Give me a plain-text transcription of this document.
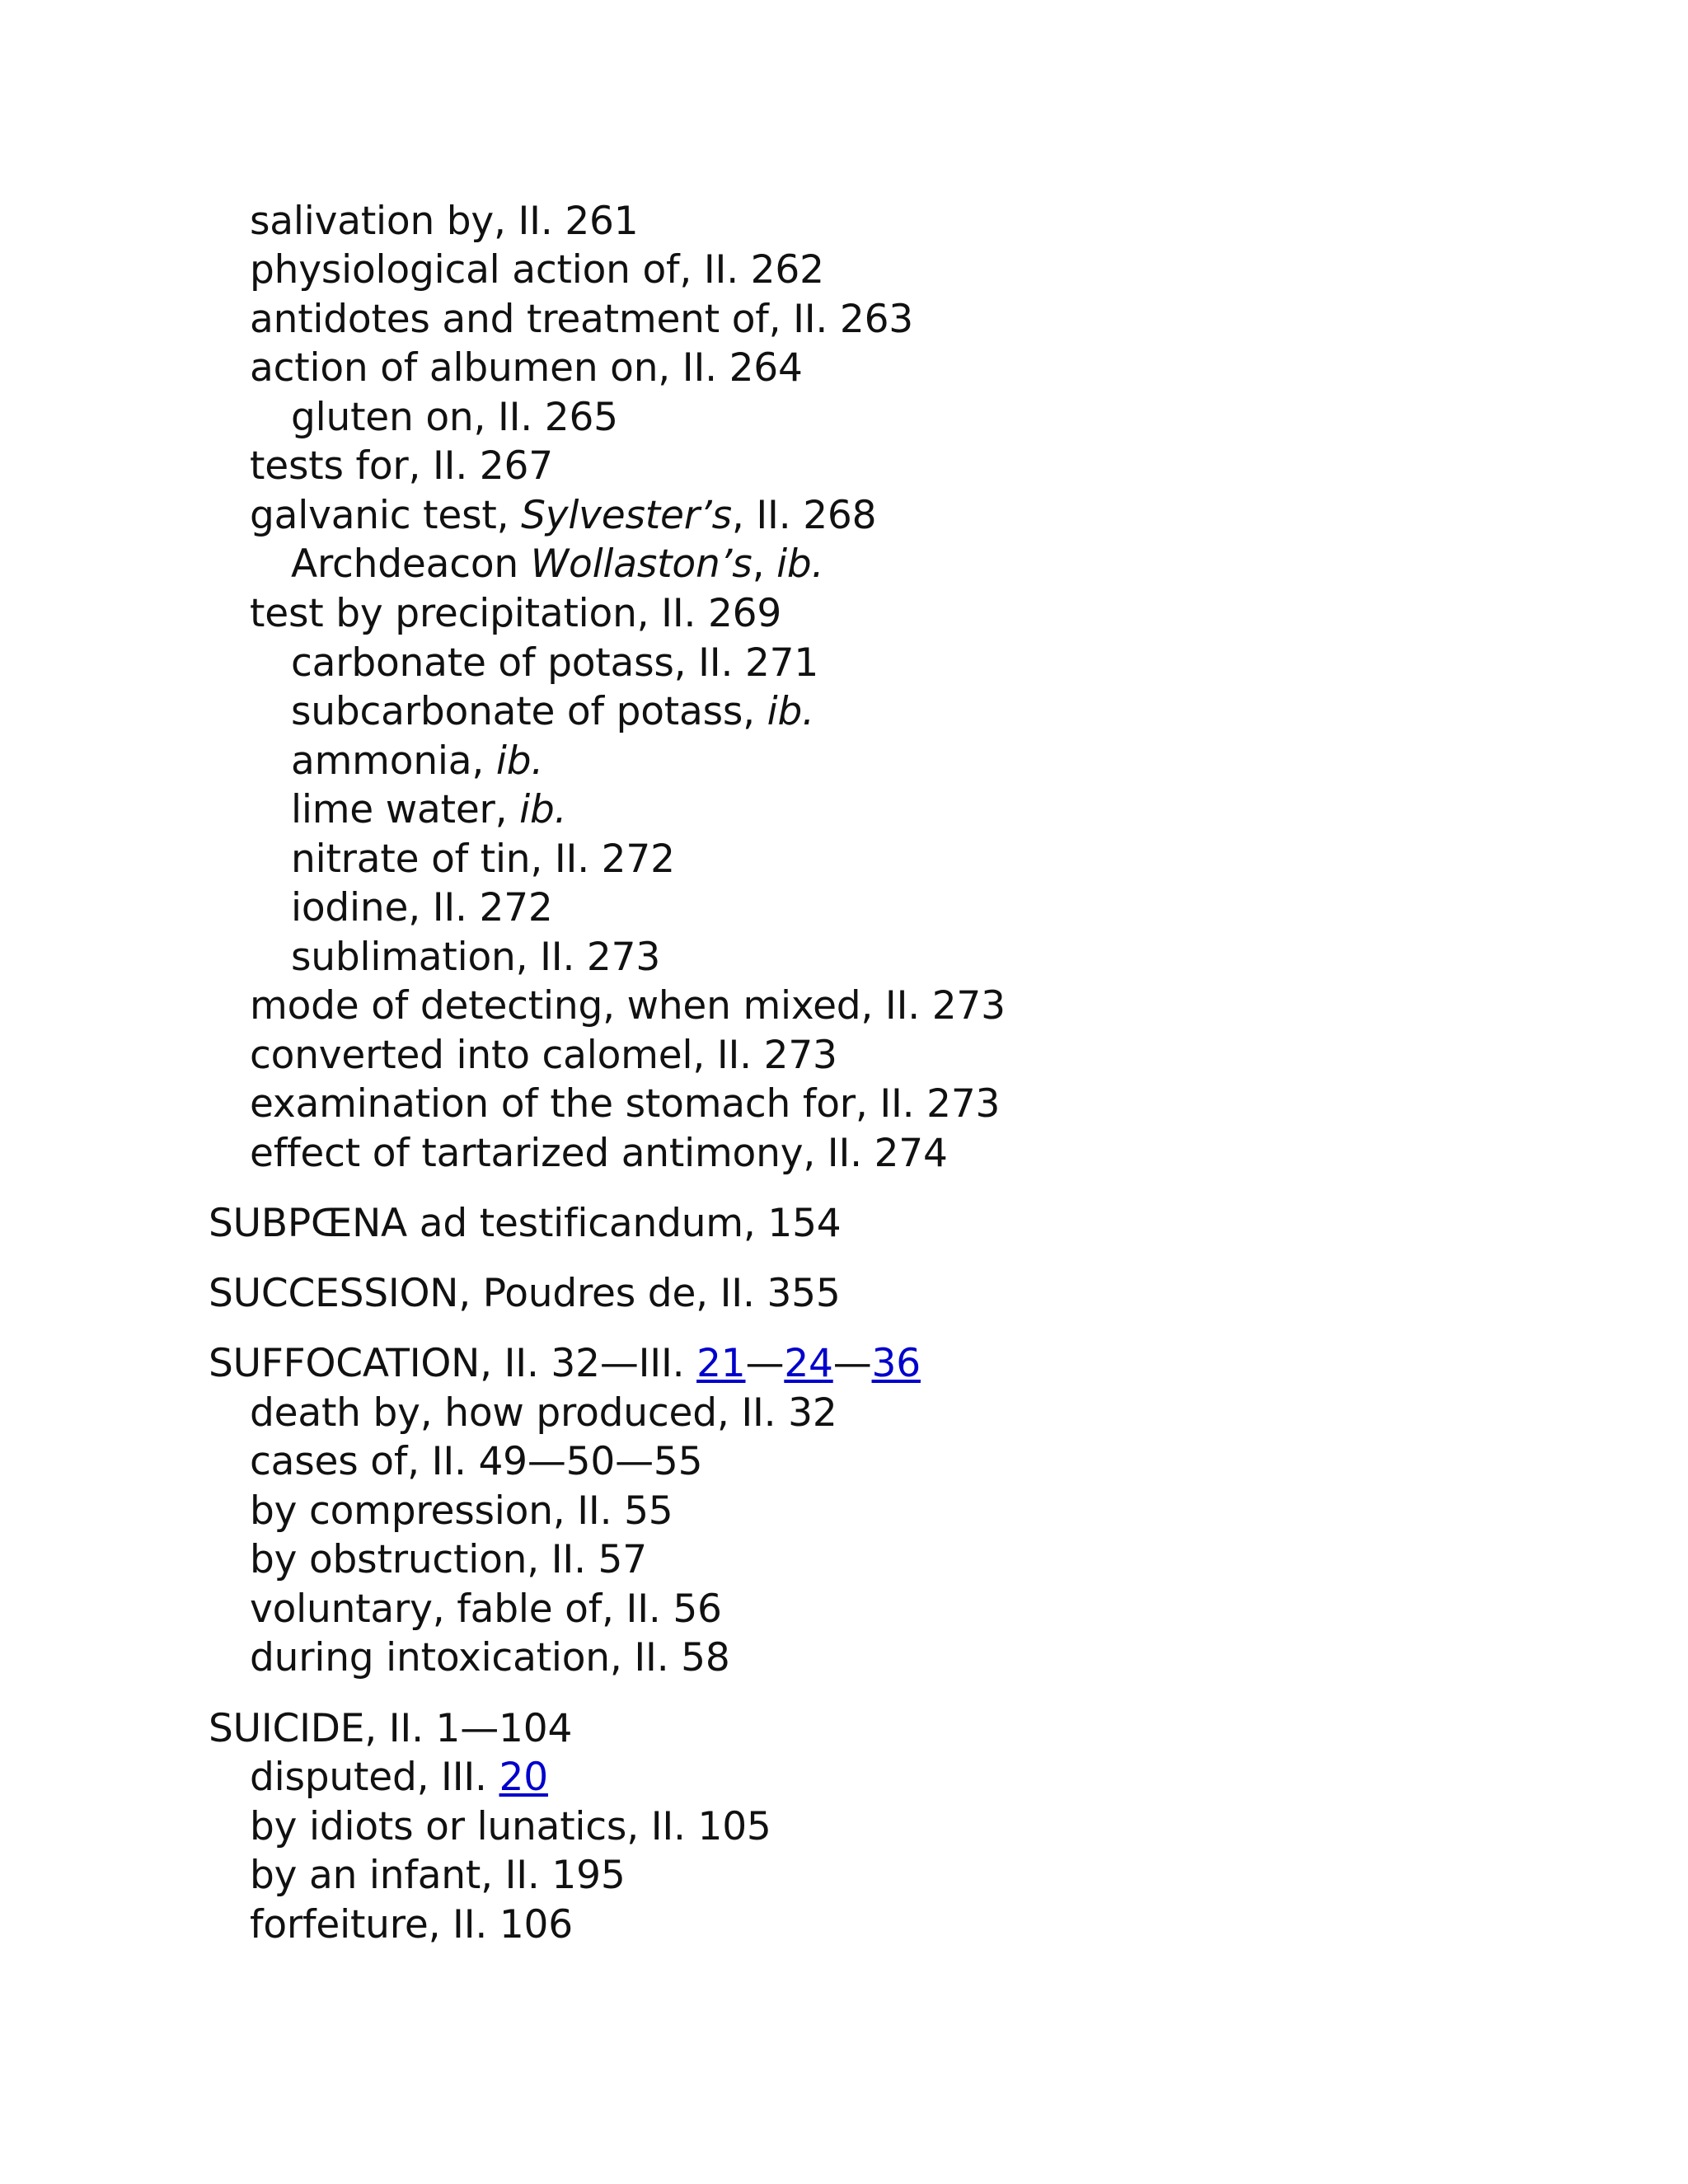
salivation by, II. 261
physiological action of, II. 262
antidotes and treatment of, II. 263
action of albumen on, II. 264
gluten on, II. 265
tests for, II. 267
galvanic test, Sylvester’s, II. 268
Archdeacon Wollaston’s, ib.
test by precipitation, II. 269
carbonate of potass, II. 271
subcarbonate of potass, ib.
ammonia, ib.
lime water, ib.
nitrate of tin, II. 272
iodine, II. 272
sublimation, II. 273
mode of detecting, when mixed, II. 273
converted into calomel, II. 273
examination of the stomach for, II. 273
effect of tartarized antimony, II. 274
SUBPŒNA ad testificandum, 154
SUCCESSION, Poudres de, II. 355
SUFFOCATION, II. 32—III. 21—24—36
death by, how produced, II. 32
cases of, II. 49—50—55
by compression, II. 55
by obstruction, II. 57
voluntary, fable of, II. 56
during intoxication, II. 58
SUICIDE, II. 1—104
disputed, III. 20
by idiots or lunatics, II. 105
by an infant, II. 195
forfeiture, II. 106
